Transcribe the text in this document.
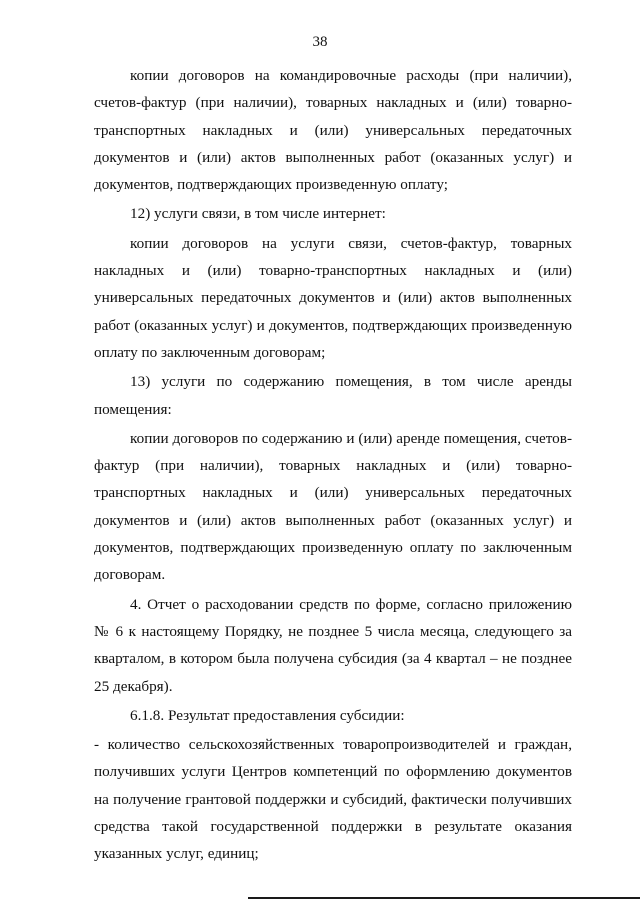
38

копии договоров на командировочные расходы (при наличии), счетов-фактур (при наличии), товарных накладных и (или) товарно-транспортных накладных и (или) универсальных передаточных документов и (или) актов выполненных работ (оказанных услуг) и документов, подтверждающих произведенную оплату;

12) услуги связи, в том числе интернет:

копии договоров на услуги связи, счетов-фактур, товарных накладных и (или) товарно-транспортных накладных и (или) универсальных передаточных документов и (или) актов выполненных работ (оказанных услуг) и документов, подтверждающих произведенную оплату по заключенным договорам;

13) услуги по содержанию помещения, в том числе аренды помещения:

копии договоров по содержанию и (или) аренде помещения, счетов-фактур (при наличии), товарных накладных и (или) товарно-транспортных накладных и (или) универсальных передаточных документов и (или) актов выполненных работ (оказанных услуг) и документов, подтверждающих произведенную оплату по заключенным договорам.

4. Отчет о расходовании средств по форме, согласно приложению № 6 к настоящему Порядку, не позднее 5 числа месяца, следующего за кварталом, в котором была получена субсидия (за 4 квартал – не позднее 25 декабря).

6.1.8. Результат предоставления субсидии:

- количество сельскохозяйственных товаропроизводителей и граждан, получивших услуги Центров компетенций по оформлению документов на получение грантовой поддержки и субсидий, фактически получивших средства такой государственной поддержки в результате оказания указанных услуг, единиц;
